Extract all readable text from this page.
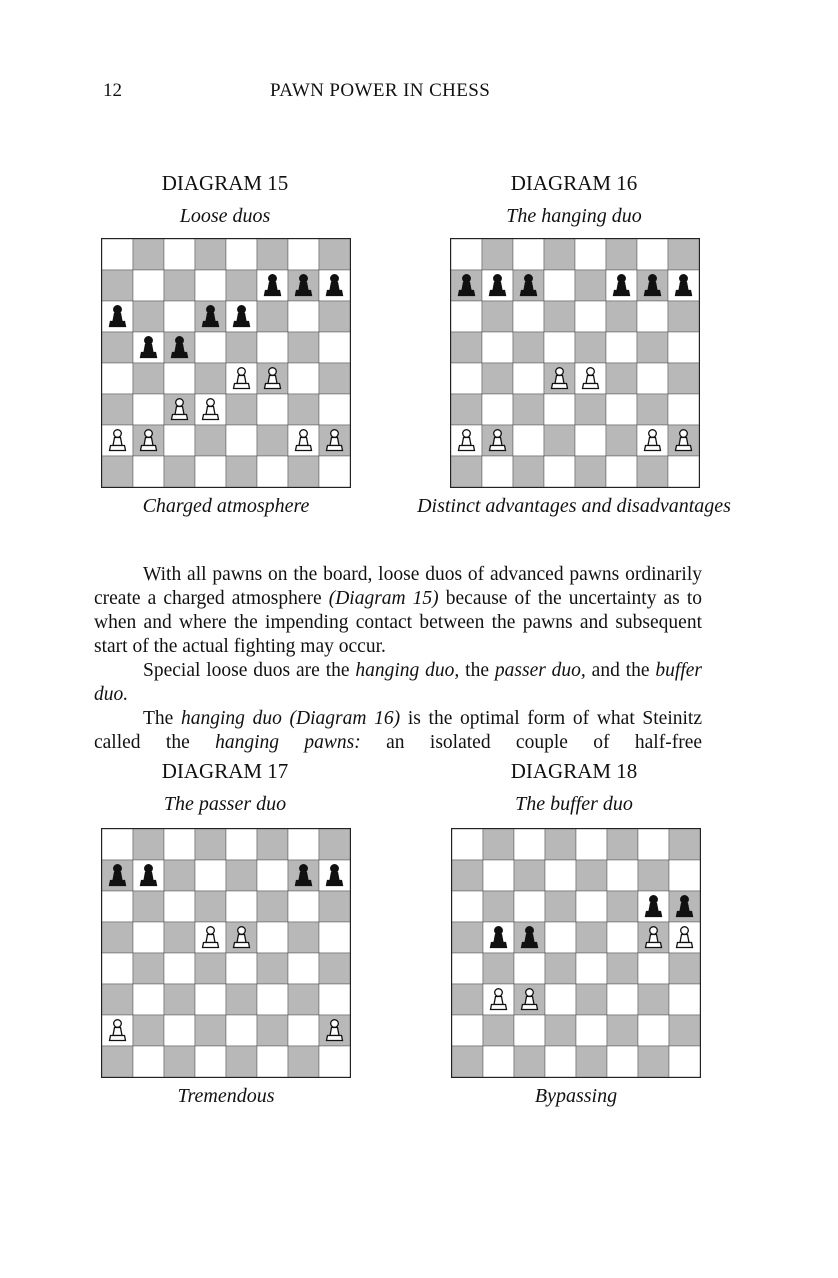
12	PAWN POWER IN CHESS
DIAGRAM 15
Loose duos
Charged atmosphere
DIAGRAM 16
The hanging duo
Distinct advantages and disadvantages

With all pawns on the board, loose duos of advanced pawns ordinarily create a charged atmosphere (Diagram 15) because of the uncertainty as to when and where the impending contact between the pawns and subsequent start of the actual fighting may occur.

Special loose duos are the hanging duo, the passer duo, and the buffer duo.

The hanging duo (Diagram 16) is the optimal form of what Steinitz called the hanging pawns: an isolated couple of half-free

DIAGRAM 17
The passer duo
Tremendous
DIAGRAM 18
The buffer duo
Bypassing
